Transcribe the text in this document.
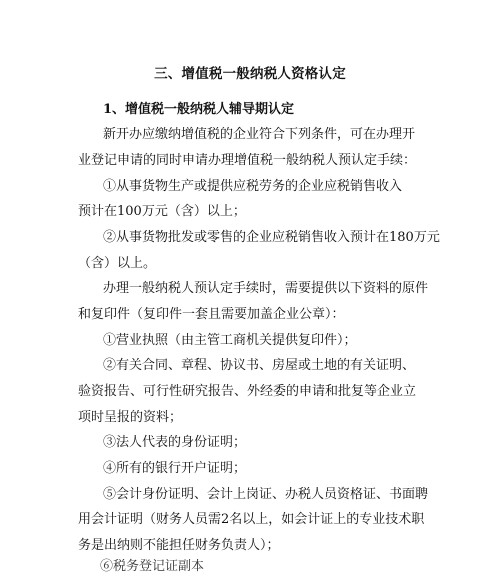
三、增值税一般纳税人资格认定
1、增值税一般纳税人辅导期认定
新开办应缴纳增值税的企业符合下列条件，可在办理开
业登记申请的同时申请办理增值税一般纳税人预认定手续：
①从事货物生产或提供应税劳务的企业应税销售收入
预计在100万元（含）以上；
②从事货物批发或零售的企业应税销售收入预计在180万元
（含）以上。
办理一般纳税人预认定手续时，需要提供以下资料的原件
和复印件（复印件一套且需要加盖企业公章）：
①营业执照（由主管工商机关提供复印件）；
②有关合同、章程、协议书、房屋或土地的有关证明、
验资报告、可行性研究报告、外经委的申请和批复等企业立
项时呈报的资料；
③法人代表的身份证明；
④所有的银行开户证明；
⑤会计身份证明、会计上岗证、办税人员资格证、书面聘
用会计证明（财务人员需2名以上，如会计证上的专业技术职
务是出纳则不能担任财务负责人）；
⑥税务登记证副本
